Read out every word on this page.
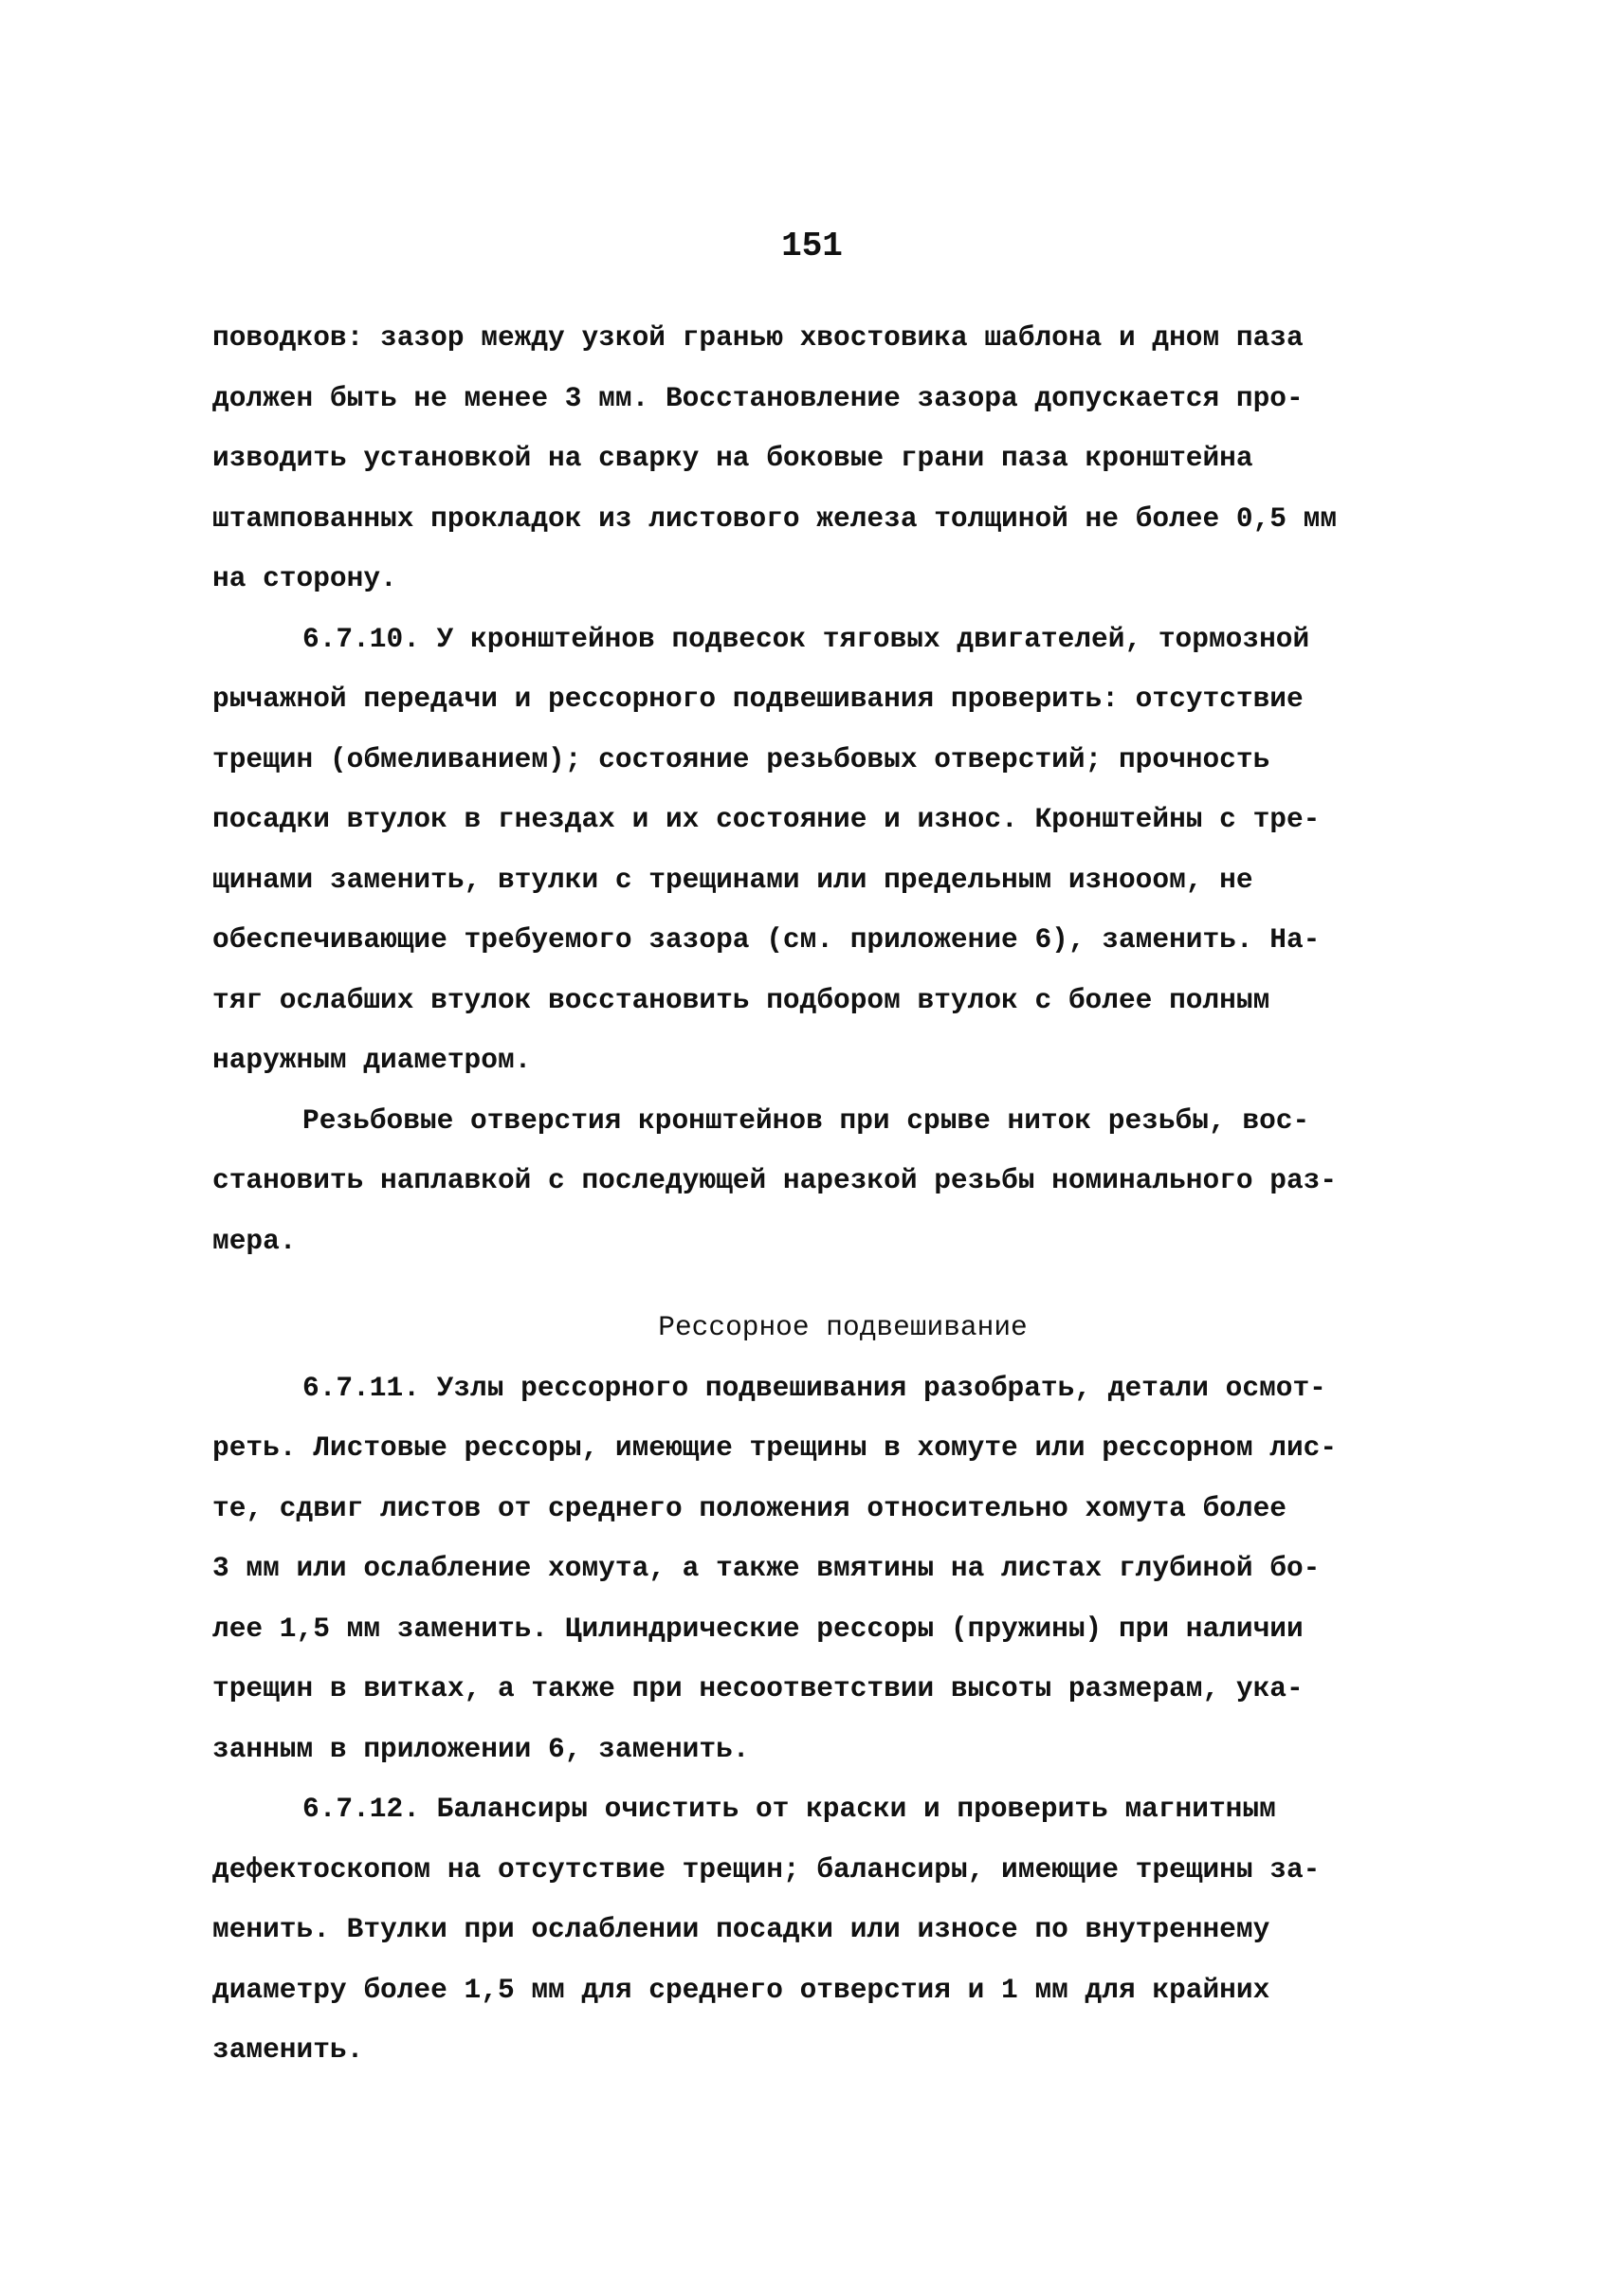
151
поводков: зазор между узкой гранью хвостовика шаблона и дном паза
должен быть не менее 3 мм. Восстановление зазора допускается про-
изводить установкой на сварку на боковые грани паза кронштейна
штампованных прокладок из листового железа толщиной не более 0,5 мм
на сторону.
6.7.10. У кронштейнов подвесок тяговых двигателей, тормозной
рычажной передачи и рессорного подвешивания проверить: отсутствие
трещин (обмеливанием); состояние резьбовых отверстий; прочность
посадки втулок в гнездах и их состояние и износ. Кронштейны с тре-
щинами заменить, втулки с трещинами или предельным изноoом, не
обеспечивающие требуемого зазора (см. приложение 6), заменить. На-
тяг ослабших втулок восстановить подбором втулок с более полным
наружным диаметром.
Резьбовые отверстия кронштейнов при срыве ниток резьбы, вос-
становить наплавкой с последующей нарезкой резьбы номинального раз-
мера.
Рессорное подвешивание
6.7.11. Узлы рессорного подвешивания разобрать, детали осмот-
реть. Листовые рессоры, имеющие трещины в хомуте или рессорном лис-
те, сдвиг листов от среднего положения относительно хомута более
3 мм или ослабление хомута, а также вмятины на листах глубиной бо-
лее 1,5 мм заменить. Цилиндрические рессоры (пружины) при наличии
трещин в витках, а также при несоответствии высоты размерам, ука-
занным в приложении 6, заменить.
6.7.12. Балансиры очистить от краски и проверить магнитным
дефектоскопом на отсутствие трещин; балансиры, имеющие трещины за-
менить. Втулки при ослаблении посадки или износе по внутреннему
диаметру более 1,5 мм для среднего отверстия и 1 мм для крайних
заменить.
